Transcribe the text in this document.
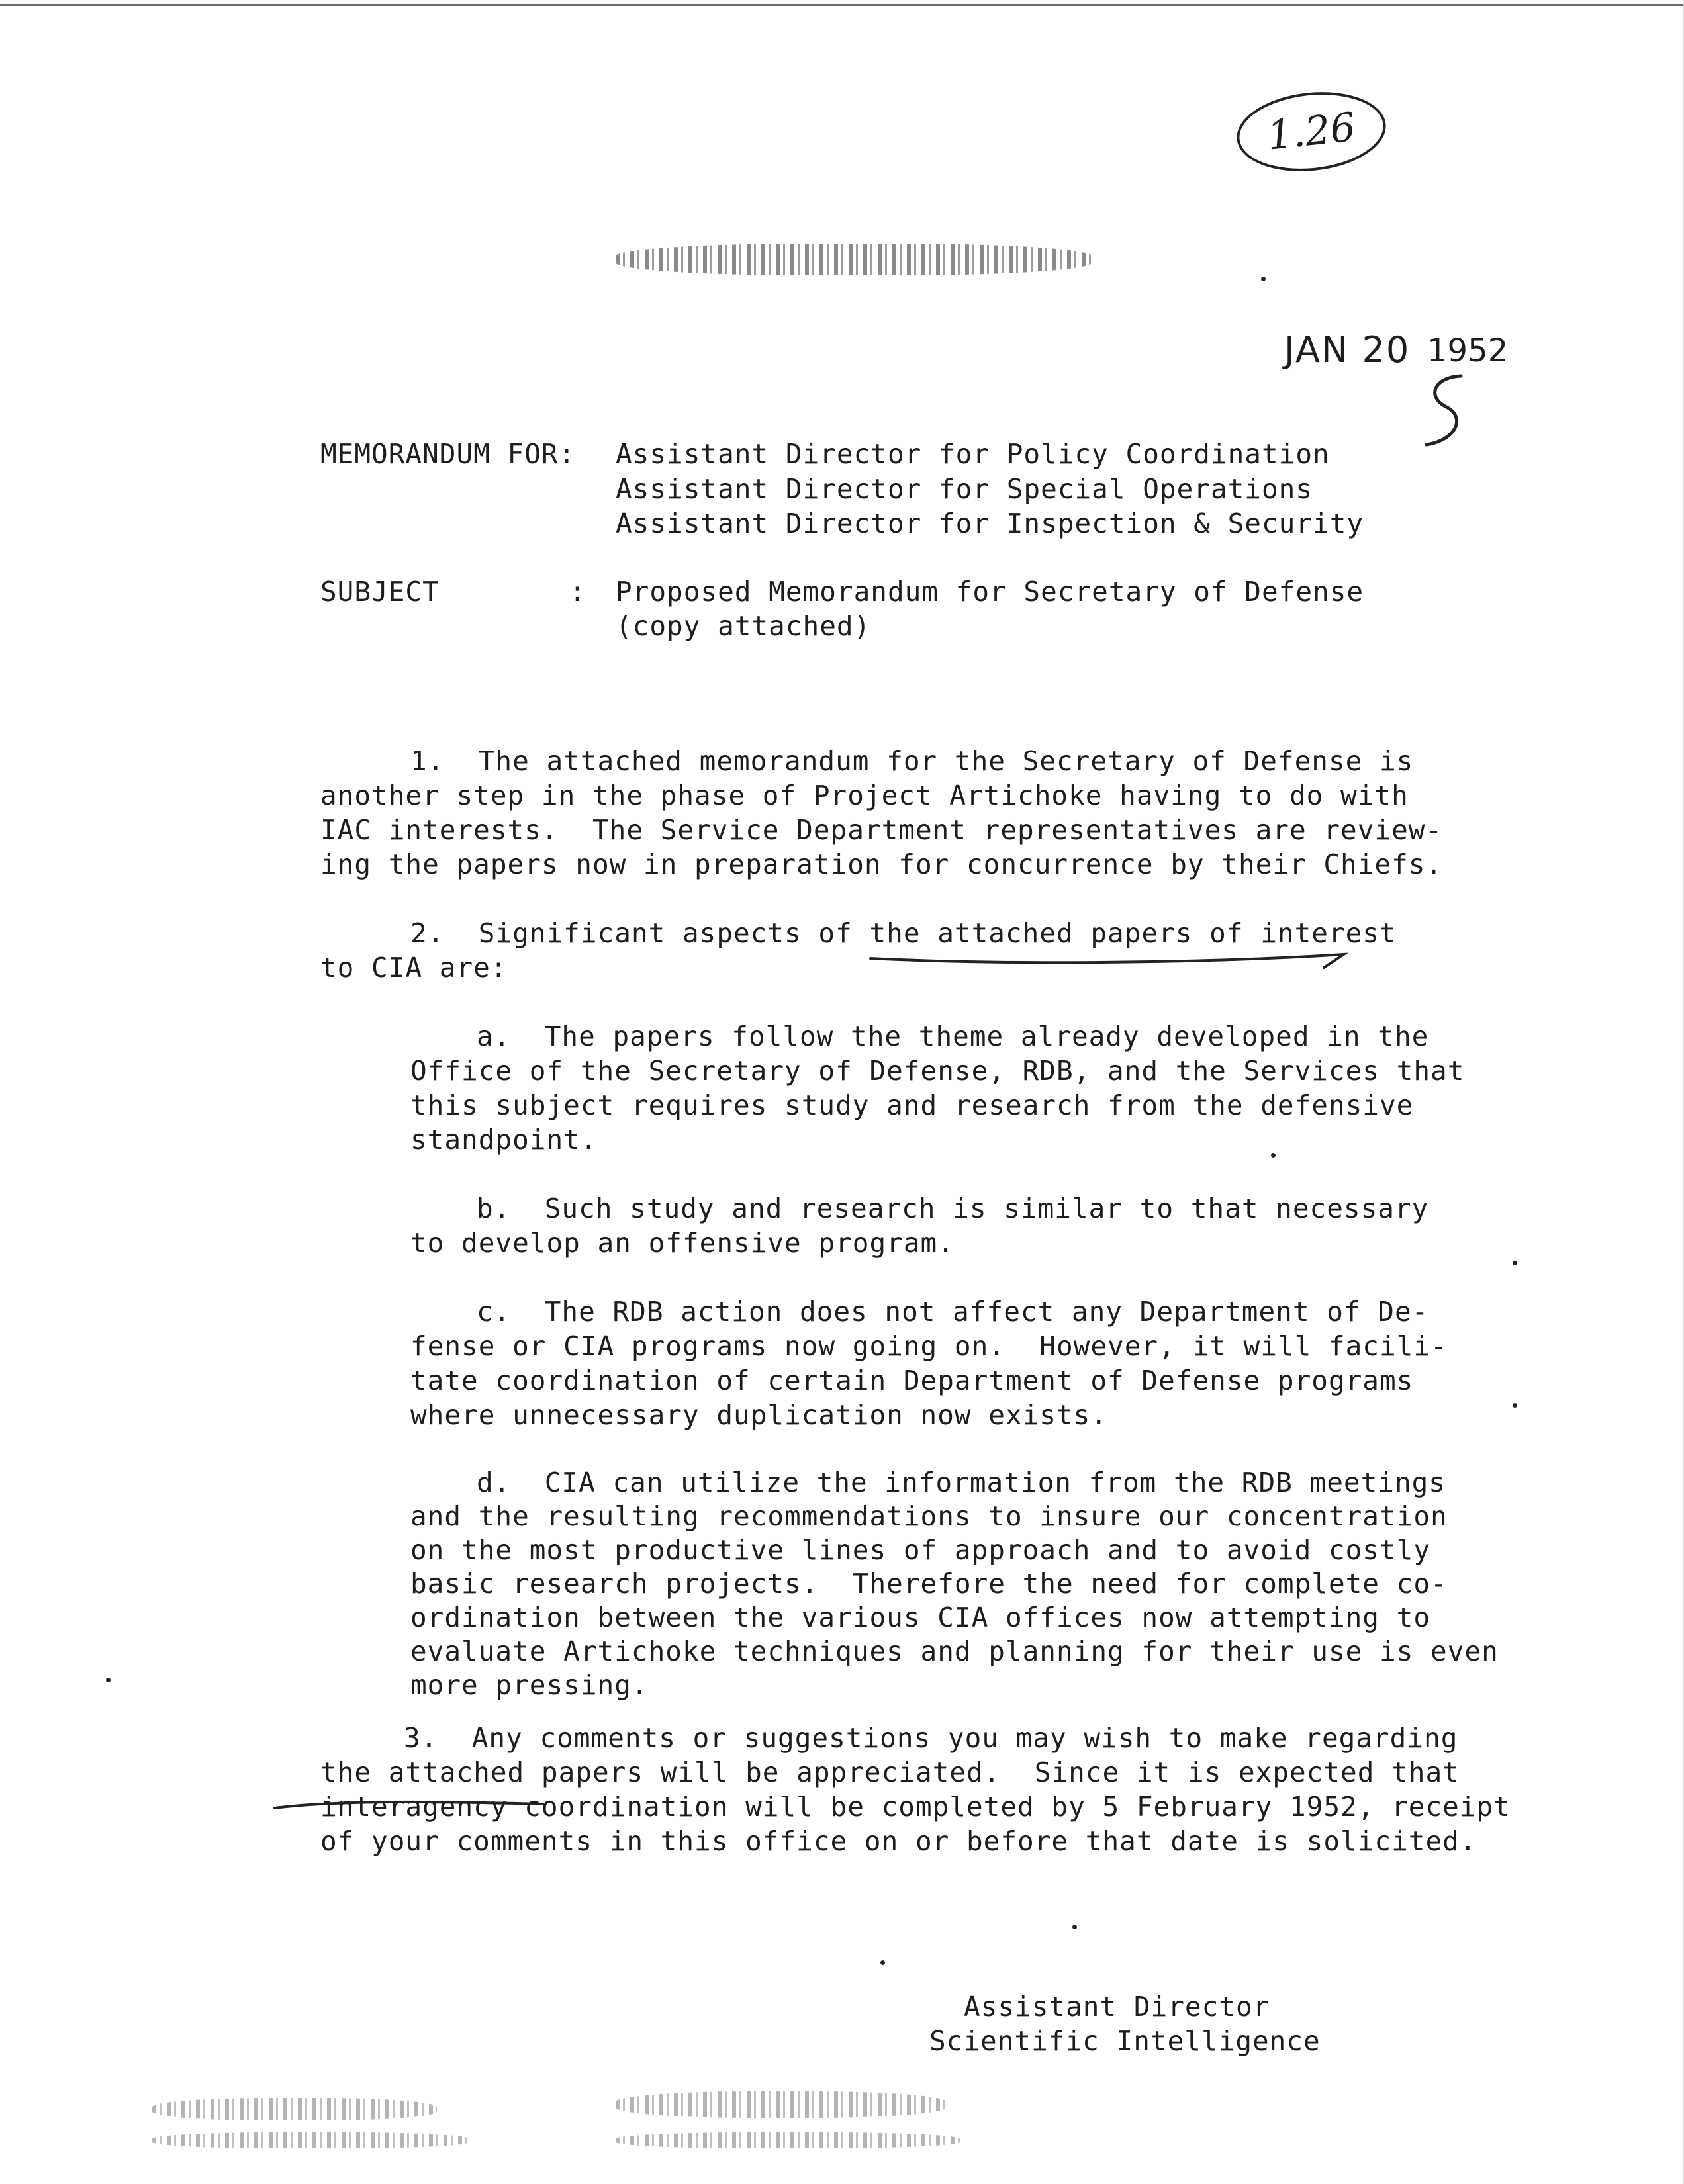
1.26
JAN 20 1952
MEMORANDUM FOR: Assistant Director for Policy Coordination
Assistant Director for Special Operations
Assistant Director for Inspection & Security
SUBJECT	: Proposed Memorandum for Secretary of Defense
(copy attached)
1.  The attached memorandum for the Secretary of Defense is
another step in the phase of Project Artichoke having to do with
IAC interests.  The Service Department representatives are review-
ing the papers now in preparation for concurrence by their Chiefs.
2.  Significant aspects of the attached papers of interest
to CIA are:
a.  The papers follow the theme already developed in the
Office of the Secretary of Defense, RDB, and the Services that
this subject requires study and research from the defensive
standpoint.
b.  Such study and research is similar to that necessary
to develop an offensive program.
c.  The RDB action does not affect any Department of De-
fense or CIA programs now going on.  However, it will facili-
tate coordination of certain Department of Defense programs
where unnecessary duplication now exists.
d.  CIA can utilize the information from the RDB meetings
and the resulting recommendations to insure our concentration
on the most productive lines of approach and to avoid costly
basic research projects.  Therefore the need for complete co-
ordination between the various CIA offices now attempting to
evaluate Artichoke techniques and planning for their use is even
more pressing.
3.  Any comments or suggestions you may wish to make regarding
the attached papers will be appreciated.  Since it is expected that
interagency coordination will be completed by 5 February 1952, receipt
of your comments in this office on or before that date is solicited.
Assistant Director
Scientific Intelligence
